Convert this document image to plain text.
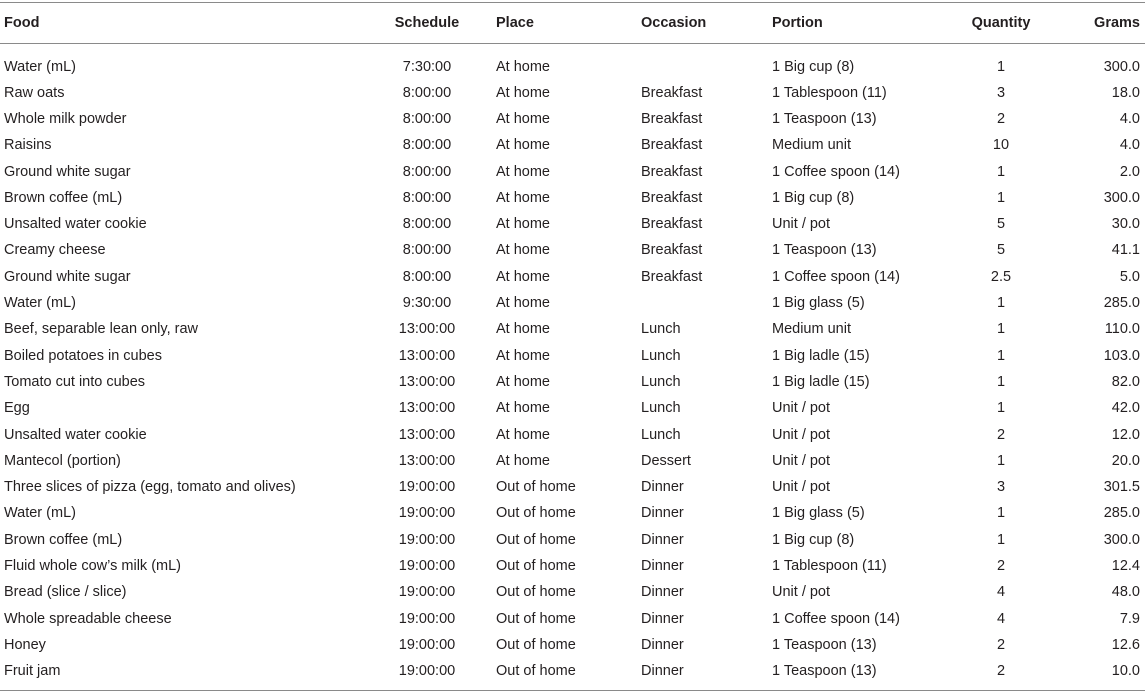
Food	Schedule	Place	Occasion	Portion	Quantity	Grams
Water (mL)	7:30:00	At home		1 Big cup (8)	1	300.0
Raw oats	8:00:00	At home	Breakfast	1 Tablespoon (11)	3	18.0
Whole milk powder	8:00:00	At home	Breakfast	1 Teaspoon (13)	2	4.0
Raisins	8:00:00	At home	Breakfast	Medium unit	10	4.0
Ground white sugar	8:00:00	At home	Breakfast	1 Coffee spoon (14)	1	2.0
Brown coffee (mL)	8:00:00	At home	Breakfast	1 Big cup (8)	1	300.0
Unsalted water cookie	8:00:00	At home	Breakfast	Unit / pot	5	30.0
Creamy cheese	8:00:00	At home	Breakfast	1 Teaspoon (13)	5	41.1
Ground white sugar	8:00:00	At home	Breakfast	1 Coffee spoon (14)	2.5	5.0
Water (mL)	9:30:00	At home		1 Big glass (5)	1	285.0
Beef, separable lean only, raw	13:00:00	At home	Lunch	Medium unit	1	110.0
Boiled potatoes in cubes	13:00:00	At home	Lunch	1 Big ladle (15)	1	103.0
Tomato cut into cubes	13:00:00	At home	Lunch	1 Big ladle (15)	1	82.0
Egg	13:00:00	At home	Lunch	Unit / pot	1	42.0
Unsalted water cookie	13:00:00	At home	Lunch	Unit / pot	2	12.0
Mantecol (portion)	13:00:00	At home	Dessert	Unit / pot	1	20.0
Three slices of pizza (egg, tomato and olives)	19:00:00	Out of home	Dinner	Unit / pot	3	301.5
Water (mL)	19:00:00	Out of home	Dinner	1 Big glass (5)	1	285.0
Brown coffee (mL)	19:00:00	Out of home	Dinner	1 Big cup (8)	1	300.0
Fluid whole cow’s milk (mL)	19:00:00	Out of home	Dinner	1 Tablespoon (11)	2	12.4
Bread (slice / slice)	19:00:00	Out of home	Dinner	Unit / pot	4	48.0
Whole spreadable cheese	19:00:00	Out of home	Dinner	1 Coffee spoon (14)	4	7.9
Honey	19:00:00	Out of home	Dinner	1 Teaspoon (13)	2	12.6
Fruit jam	19:00:00	Out of home	Dinner	1 Teaspoon (13)	2	10.0
